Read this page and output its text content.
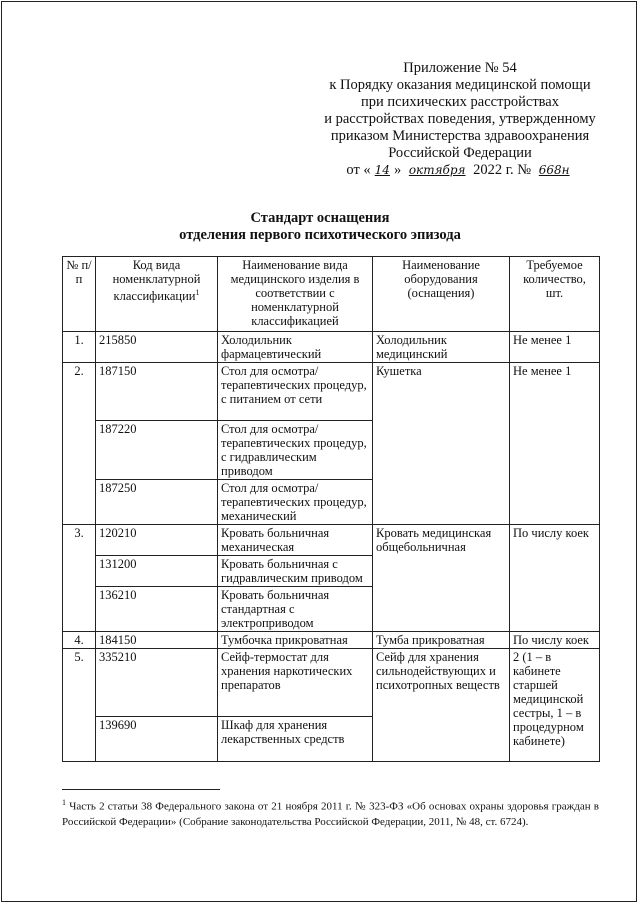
Приложение № 54
к Порядку оказания медицинской помощи
при психических расстройствах
и расстройствах поведения, утвержденному
приказом Министерства здравоохранения
Российской Федерации
от « 14 » октября 2022 г. № 668н
Стандарт оснащения
отделения первого психотического эпизода
№ п/п	Код вида номенклатурной классификации$^1$	Наименование вида медицинского изделия в соответствии с номенклатурной классификацией	Наименование оборудования (оснащения)	Требуемое количество, шт.
1.	215850	Холодильник фармацевтический	Холодильник медицинский	Не менее 1
2.	187150	Стол для осмотра/терапевтических процедур, с питанием от сети	Кушетка	Не менее 1
	187220	Стол для осмотра/терапевтических процедур, с гидравлическим приводом		
	187250	Стол для осмотра/терапевтических процедур, механический		
3.	120210	Кровать больничная механическая	Кровать медицинская общебольничная	По числу коек
	131200	Кровать больничная с гидравлическим приводом		
	136210	Кровать больничная стандартная с электроприводом		
4.	184150	Тумбочка прикроватная	Тумба прикроватная	По числу коек
5.	335210	Сейф-термостат для хранения наркотических препаратов	Сейф для хранения сильнодействующих и психотропных веществ	2 (1 – в кабинете старшей медицинской сестры, 1 – в процедурном кабинете)
	139690	Шкаф для хранения лекарственных средств		
$^1$ Часть 2 статьи 38 Федерального закона от 21 ноября 2011 г. № 323-ФЗ «Об основах охраны здоровья граждан в Российской Федерации» (Собрание законодательства Российской Федерации, 2011, № 48, ст. 6724).
